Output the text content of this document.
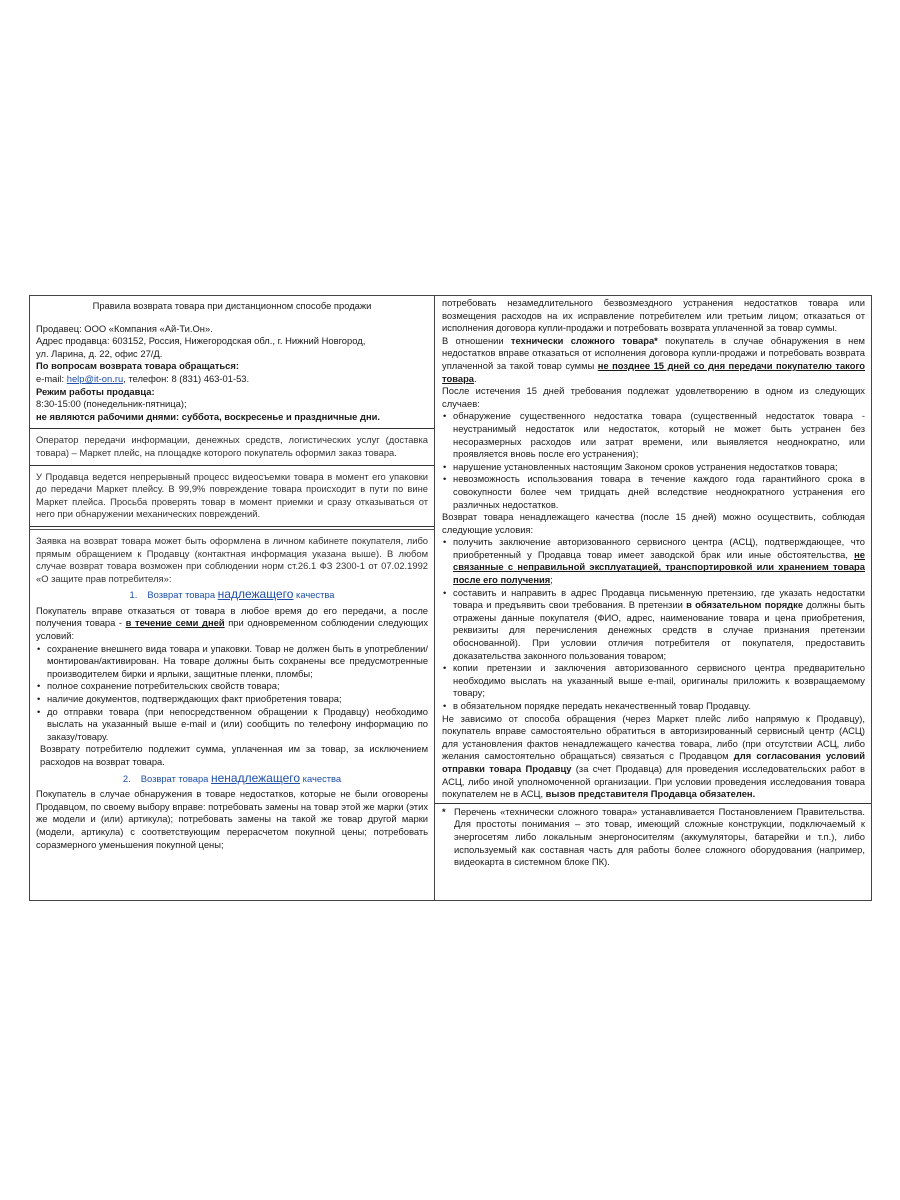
Правила возврата товара при дистанционном способе продажи

Продавец: ООО «Компания «Ай-Ти.Он».

Адрес продавца: 603152, Россия, Нижегородская обл., г. Нижний Новгород,

ул. Ларина, д. 22, офис 27/Д.

По вопросам возврата товара обращаться:

e-mail: help@it-on.ru, телефон: 8 (831) 463-01-53.

Режим работы продавца:

8:30-15:00 (понедельник-пятница);

не являются рабочими днями: суббота, воскресенье и праздничные дни.

Оператор передачи информации, денежных средств, логистических услуг (доставка товара) – Маркет плейс, на площадке которого покупатель оформил заказ товара.

У Продавца ведется непрерывный процесс видеосъемки товара в момент его упаковки до передачи Маркет плейсу. В 99,9% повреждение товара происходит в пути по вине Маркет плейса. Просьба проверять товар в момент приемки и сразу отказываться от него при обнаружении механических повреждений.

Заявка на возврат товара может быть оформлена в личном кабинете покупателя, либо прямым обращением к Продавцу (контактная информация указана выше). В любом случае возврат товара возможен при соблюдении норм ст.26.1 ФЗ 2300-1 от 07.02.1992 «О защите прав потребителя»:

1. Возврат товара надлежащего качества

Покупатель вправе отказаться от товара в любое время до его передачи, а после получения товара - в течение семи дней при одновременном соблюдении следующих условий:

• сохранение внешнего вида товара и упаковки. Товар не должен быть в употреблении/монтирован/активирован. На товаре должны быть сохранены все предусмотренные производителем бирки и ярлыки, защитные пленки, пломбы;
• полное сохранение потребительских свойств товара;
• наличие документов, подтверждающих факт приобретения товара;
• до отправки товара (при непосредственном обращении к Продавцу) необходимо выслать на указанный выше e-mail и (или) сообщить по телефону информацию по заказу/товару.

Возврату потребителю подлежит сумма, уплаченная им за товар, за исключением расходов на возврат товара.

2. Возврат товара ненадлежащего качества

Покупатель в случае обнаружения в товаре недостатков, которые не были оговорены Продавцом, по своему выбору вправе: потребовать замены на товар этой же марки (этих же модели и (или) артикула); потребовать замены на такой же товар другой марки (модели, артикула) с соответствующим перерасчетом покупной цены; потребовать соразмерного уменьшения покупной цены;

потребовать незамедлительного безвозмездного устранения недостатков товара или возмещения расходов на их исправление потребителем или третьим лицом; отказаться от исполнения договора купли-продажи и потребовать возврата уплаченной за товар суммы.

В отношении технически сложного товара* покупатель в случае обнаружения в нем недостатков вправе отказаться от исполнения договора купли-продажи и потребовать возврата уплаченной за такой товар суммы не позднее 15 дней со дня передачи покупателю такого товара.

После истечения 15 дней требования подлежат удовлетворению в одном из следующих случаев:

• обнаружение существенного недостатка товара (существенный недостаток товара - неустранимый недостаток или недостаток, который не может быть устранен без несоразмерных расходов или затрат времени, или выявляется неоднократно, или проявляется вновь после его устранения);
• нарушение установленных настоящим Законом сроков устранения недостатков товара;
• невозможность использования товара в течение каждого года гарантийного срока в совокупности более чем тридцать дней вследствие неоднократного устранения его различных недостатков.

Возврат товара ненадлежащего качества (после 15 дней) можно осуществить, соблюдая следующие условия:

• получить заключение авторизованного сервисного центра (АСЦ), подтверждающее, что приобретенный у Продавца товар имеет заводской брак или иные обстоятельства, не связанные с неправильной эксплуатацией, транспортировкой или хранением товара после его получения;
• составить и направить в адрес Продавца письменную претензию, где указать недостатки товара и предъявить свои требования. В претензии в обязательном порядке должны быть отражены данные покупателя (ФИО, адрес, наименование товара и цена приобретения, реквизиты для перечисления денежных средств в случае признания претензии обоснованной). При условии отличия потребителя от покупателя, предоставить доказательства законного пользования товаром;
• копии претензии и заключения авторизованного сервисного центра предварительно необходимо выслать на указанный выше e-mail, оригиналы приложить к возвращаемому товару;
• в обязательном порядке передать некачественный товар Продавцу.

Не зависимо от способа обращения (через Маркет плейс либо напрямую к Продавцу), покупатель вправе самостоятельно обратиться в авторизированный сервисный центр (АСЦ) для установления фактов ненадлежащего качества товара, либо (при отсутствии АСЦ, либо желания самостоятельно обращаться) связаться с Продавцом для согласования условий отправки товара Продавцу (за счет Продавца) для проведения исследовательских работ в АСЦ, либо иной уполномоченной организации. При условии проведения исследования товара покупателем не в АСЦ, вызов представителя Продавца обязателен.

* Перечень «технически сложного товара» устанавливается Постановлением Правительства. Для простоты понимания – это товар, имеющий сложные конструкции, подключаемый к энергосетям либо локальным энергоносителям (аккумуляторы, батарейки и т.п.), либо используемый как составная часть для работы более сложного оборудования (например, видеокарта в системном блоке ПК).
